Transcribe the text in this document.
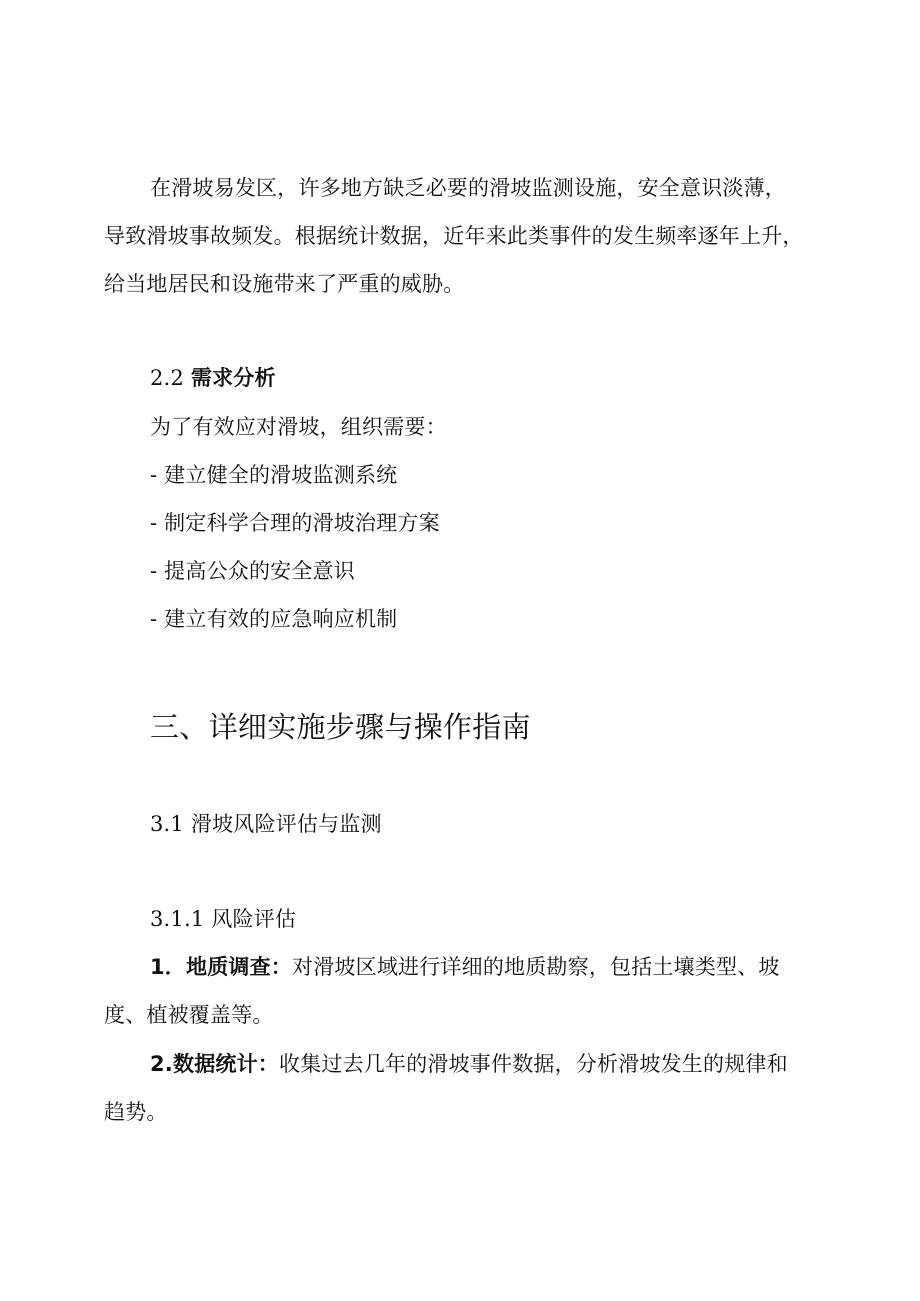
在滑坡易发区，许多地方缺乏必要的滑坡监测设施，安全意识淡薄，
导致滑坡事故频发。根据统计数据，近年来此类事件的发生频率逐年上升，
给当地居民和设施带来了严重的威胁。
2.2 需求分析
为了有效应对滑坡，组织需要：
- 建立健全的滑坡监测系统
- 制定科学合理的滑坡治理方案
- 提高公众的安全意识
- 建立有效的应急响应机制
三、详细实施步骤与操作指南
3.1 滑坡风险评估与监测
3.1.1 风险评估
1．地质调查：对滑坡区域进行详细的地质勘察，包括土壤类型、坡
度、植被覆盖等。
2.数据统计：收集过去几年的滑坡事件数据，分析滑坡发生的规律和
趋势。
